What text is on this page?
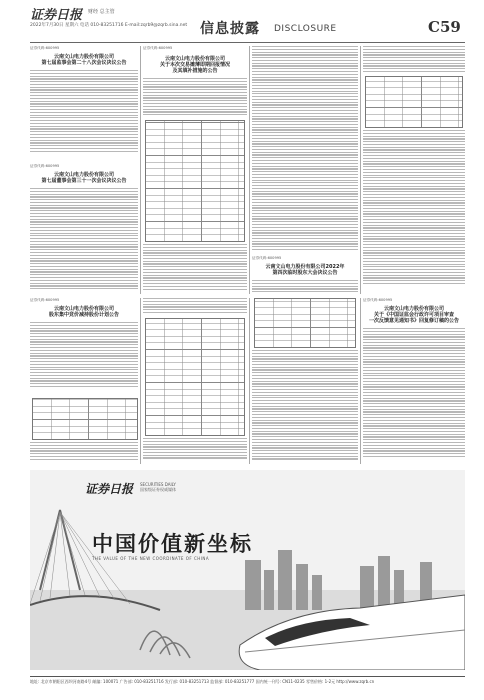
证券日报 财经 总主管
2022年7月30日 星期六 电话 010-83251716 E-mail:zqrb9@zqrb.sina.net 信息披露 DISCLOSURE	C59
证券代码:600995
云南文山电力股份有限公司
第七届监事会第二十八次会议决议公告
证券代码:600995
云南文山电力股份有限公司
第七届董事会第三十一次会议决议公告
证券代码:600995
云南文山电力股份有限公司
关于本次交易摊薄即期回报情况
及其填补措施的公告
证券代码:600995
云南文山电力股份有限公司2022年
第四次临时股东大会决议公告
证券代码:600995
云南文山电力股份有限公司
股东集中竞价减持股份计划公告
证券代码:600995
云南文山电力股份有限公司
关于《中国证监会行政许可项目审查
一次反馈意见通知书》回复修订稿的公告
证券日报 SECURITIES DAILY 国家级证券权威媒体
中国价值新坐标
THE VALUE OF THE NEW COORDINATE OF CHINA
地址: 北京市朝阳区西坝河南路4号 邮编: 100071 广告部: 010-83251716 发行部: 010-83251713 监督部: 010-83251777 国内统一刊号: CN11-0235 零售价格: 1-2元 http://www.zqrb.cn
